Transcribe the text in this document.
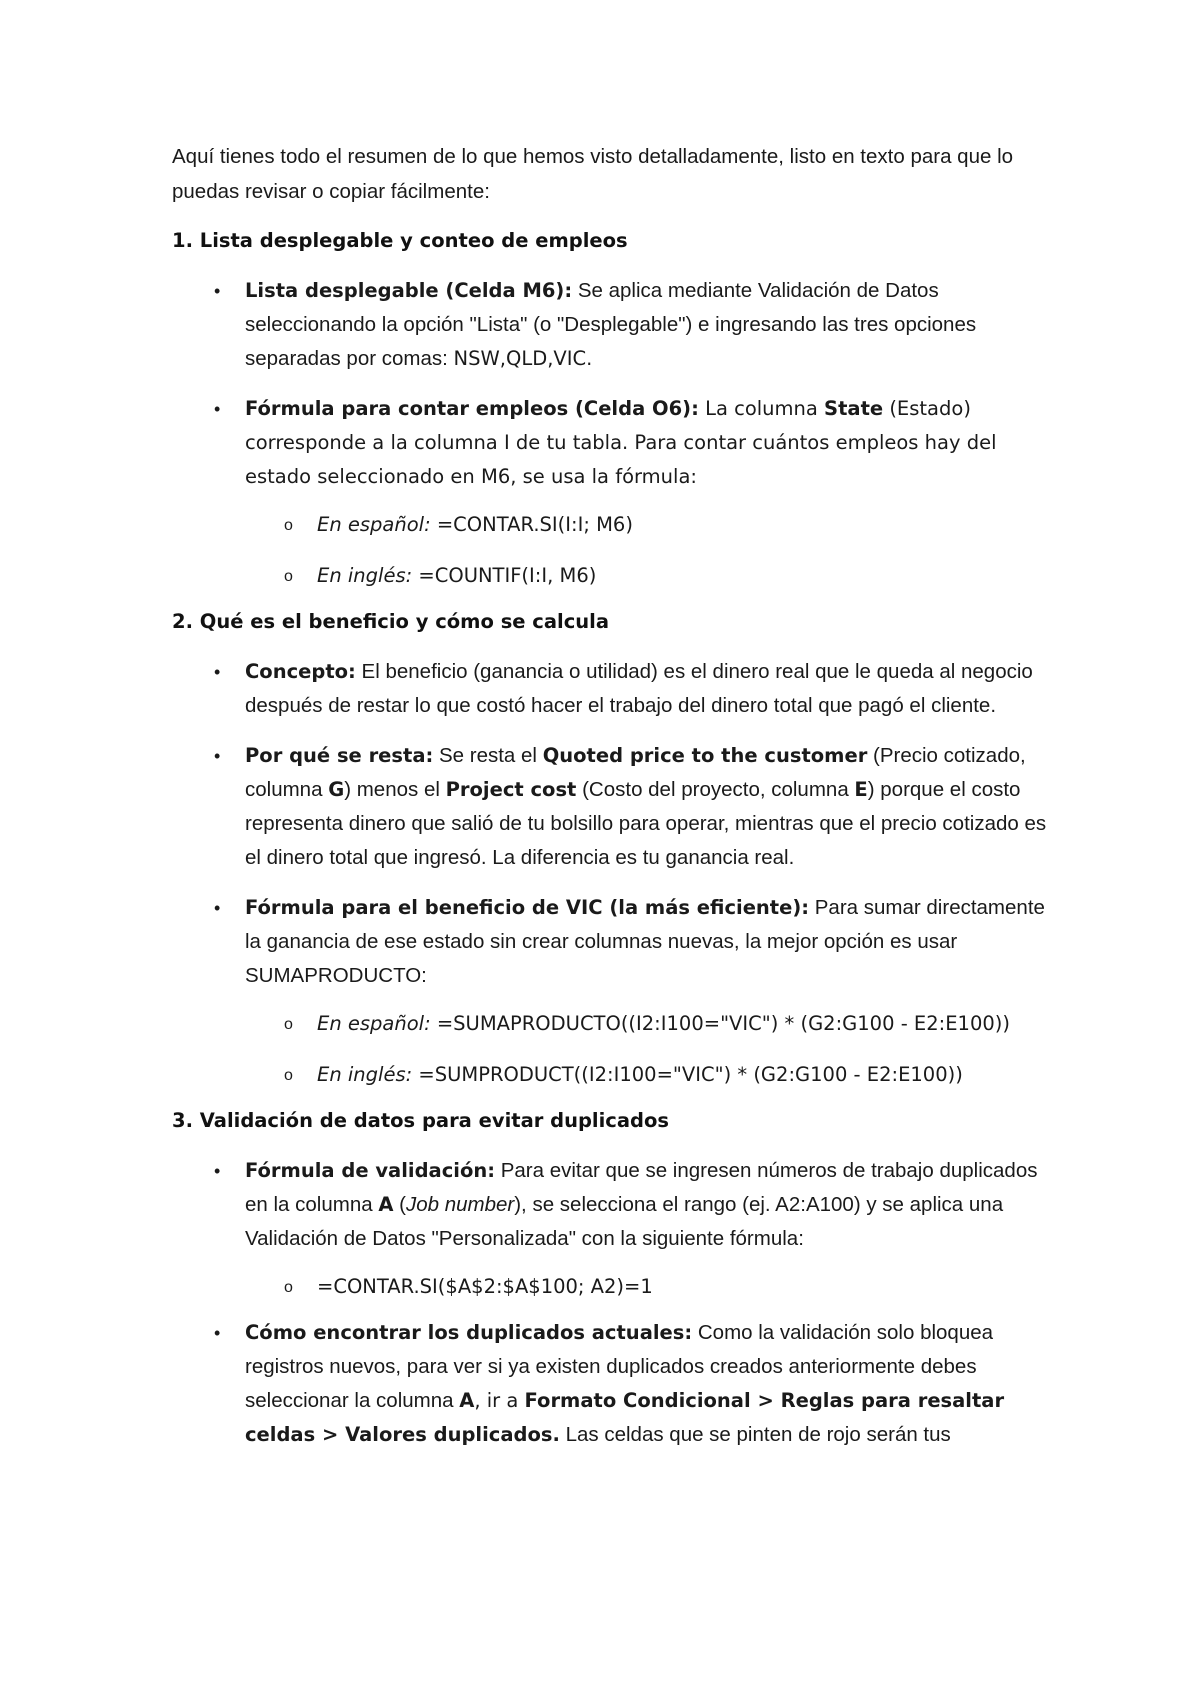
Aquí tienes todo el resumen de lo que hemos visto detalladamente, listo en texto para que lo puedas revisar o copiar fácilmente:

1. Lista desplegable y conteo de empleos
• Lista desplegable (Celda M6): Se aplica mediante Validación de Datos seleccionando la opción "Lista" (o "Desplegable") e ingresando las tres opciones separadas por comas: NSW,QLD,VIC.
• Fórmula para contar empleos (Celda O6): La columna State (Estado) corresponde a la columna I de tu tabla. Para contar cuántos empleos hay del estado seleccionado en M6, se usa la fórmula:
o En español: =CONTAR.SI(I:I; M6)
o En inglés: =COUNTIF(I:I, M6)
2. Qué es el beneficio y cómo se calcula
• Concepto: El beneficio (ganancia o utilidad) es el dinero real que le queda al negocio después de restar lo que costó hacer el trabajo del dinero total que pagó el cliente.
• Por qué se resta: Se resta el Quoted price to the customer (Precio cotizado, columna G) menos el Project cost (Costo del proyecto, columna E) porque el costo representa dinero que salió de tu bolsillo para operar, mientras que el precio cotizado es el dinero total que ingresó. La diferencia es tu ganancia real.
• Fórmula para el beneficio de VIC (la más eficiente): Para sumar directamente la ganancia de ese estado sin crear columnas nuevas, la mejor opción es usar SUMAPRODUCTO:
o En español: =SUMAPRODUCTO((I2:I100="VIC") * (G2:G100 - E2:E100))
o En inglés: =SUMPRODUCT((I2:I100="VIC") * (G2:G100 - E2:E100))
3. Validación de datos para evitar duplicados
• Fórmula de validación: Para evitar que se ingresen números de trabajo duplicados en la columna A (Job number), se selecciona el rango (ej. A2:A100) y se aplica una Validación de Datos "Personalizada" con la siguiente fórmula:
o =CONTAR.SI($A$2:$A$100; A2)=1
• Cómo encontrar los duplicados actuales: Como la validación solo bloquea registros nuevos, para ver si ya existen duplicados creados anteriormente debes seleccionar la columna A, ir a Formato Condicional > Reglas para resaltar celdas > Valores duplicados. Las celdas que se pinten de rojo serán tus
